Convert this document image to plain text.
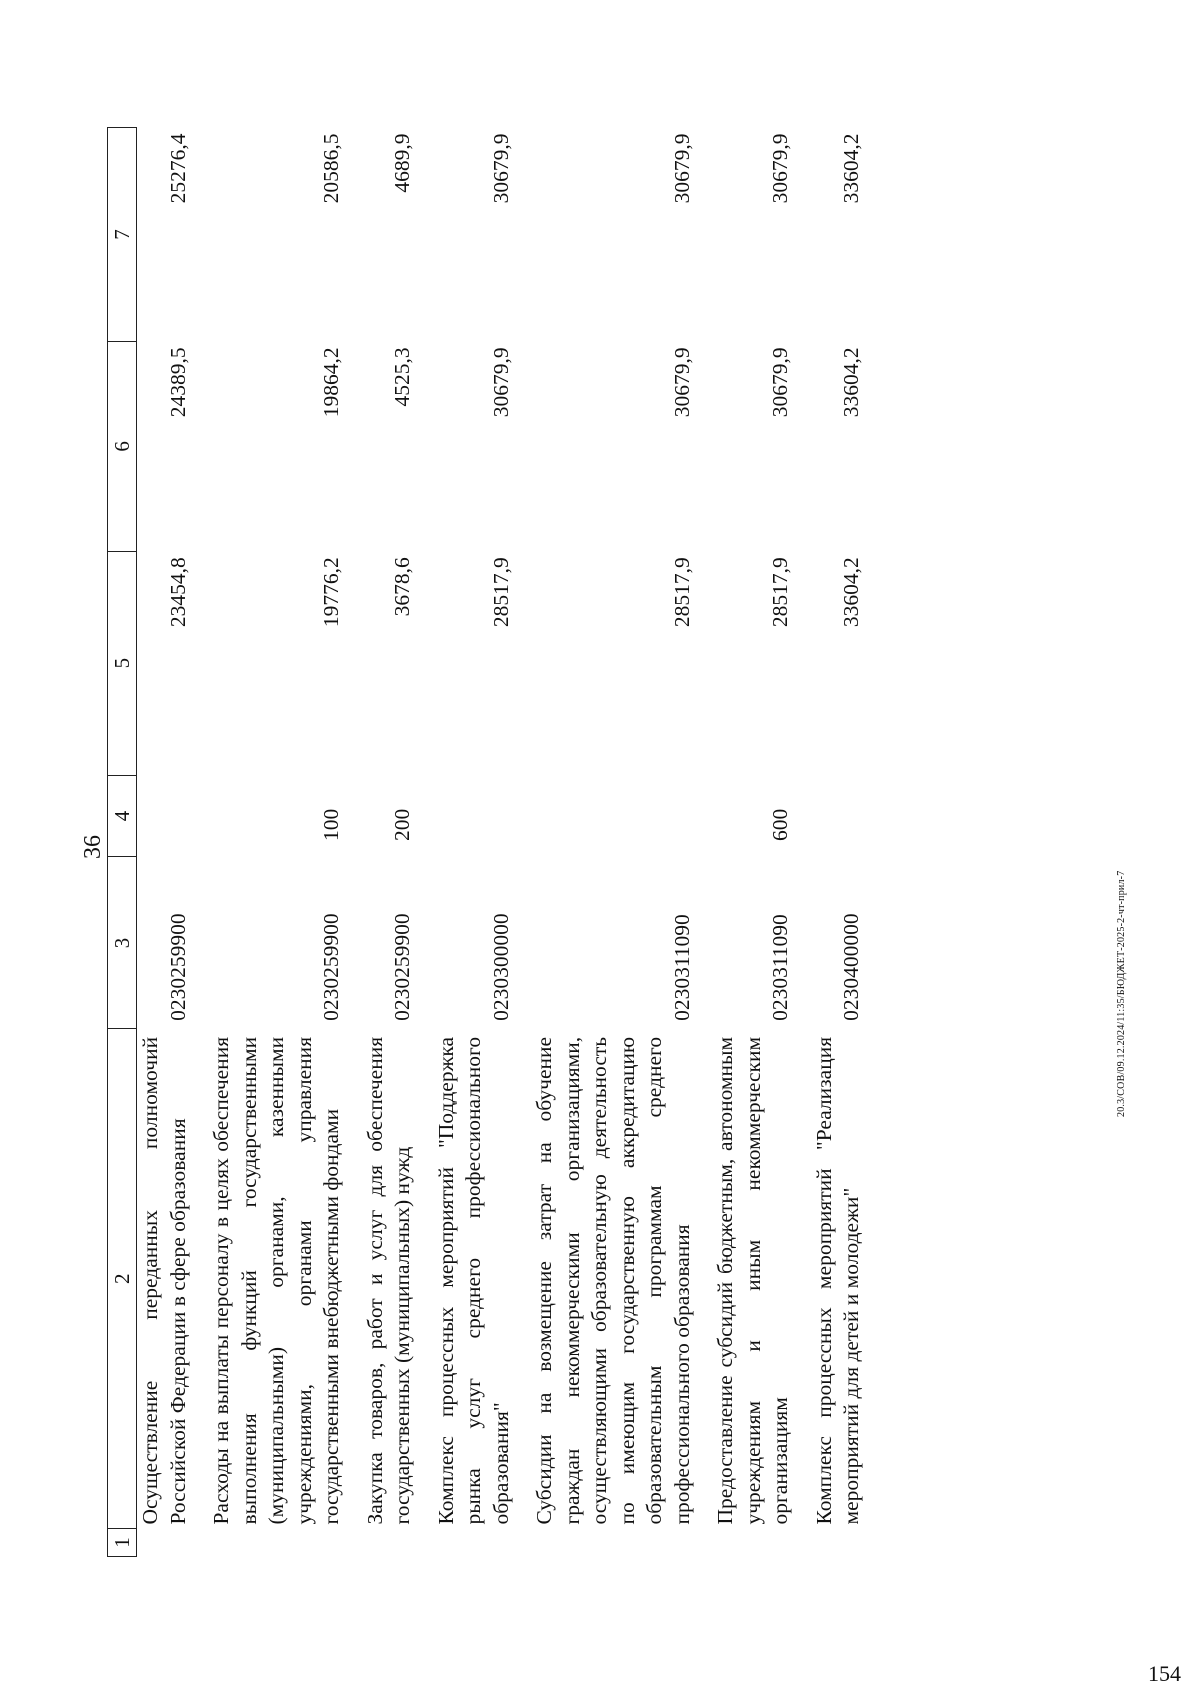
36
1	2	3	4	5	6	7
	Осуществление переданных полномочий Российской Федерации в сфере образования	0230259900		23454,8	24389,5	25276,4
	Расходы на выплаты персоналу в целях обеспечения выполнения функций государственными (муниципальными) органами, казенными учреждениями, органами управления государственными внебюджетными фондами	0230259900	100	19776,2	19864,2	20586,5
	Закупка товаров, работ и услуг для обеспечения государственных (муниципальных) нужд	0230259900	200	3678,6	4525,3	4689,9
	Комплекс процессных мероприятий "Поддержка рынка услуг среднего профессионального образования"	0230300000		28517,9	30679,9	30679,9
	Субсидии на возмещение затрат на обучение граждан некоммерческими организациями, осуществляющими образовательную деятельность по имеющим государственную аккредитацию образовательным программам среднего профессионального образования	0230311090		28517,9	30679,9	30679,9
	Предоставление субсидий бюджетным, автономным учреждениям и иным некоммерческим организациям	0230311090	600	28517,9	30679,9	30679,9
	Комплекс процессных мероприятий "Реализация мероприятий для детей и молодежи"	0230400000		33604,2	33604,2	33604,2
20.3/СОВ/09.12.2024/11:35/БЮДЖЕТ-2025-2-чт-прил-7
154
